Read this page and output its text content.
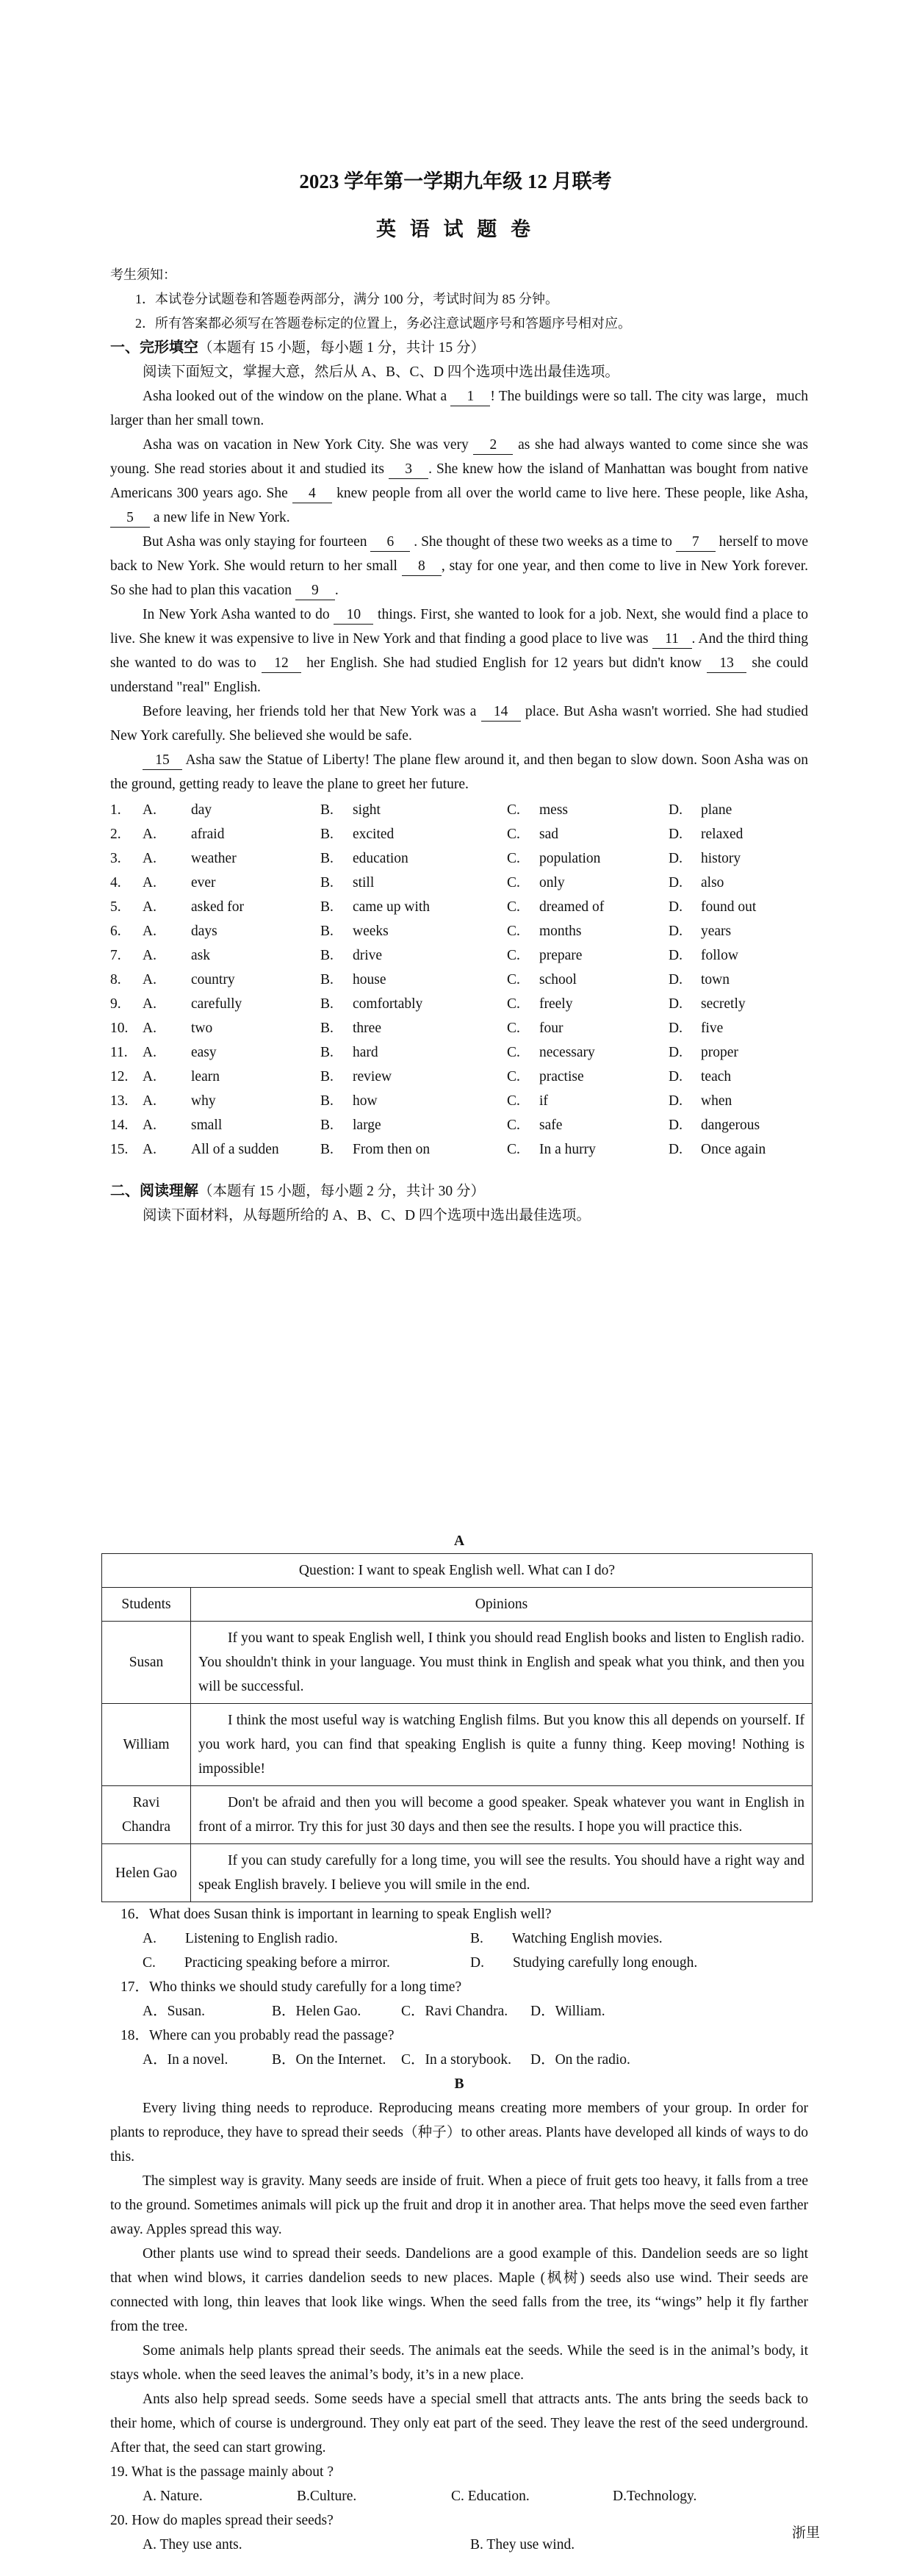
2023 学年第一学期九年级 12 月联考
英 语 试 题 卷
考生须知：
1．本试卷分试题卷和答题卷两部分，满分 100 分，考试时间为 85 分钟。
2．所有答案都必须写在答题卷标定的位置上，务必注意试题序号和答题序号相对应。
一、完形填空（本题有 15 小题，每小题 1 分，共计 15 分）

阅读下面短文，掌握大意，然后从 A、B、C、D 四个选项中选出最佳选项。

Asha looked out of the window on the plane. What a 1 ! The buildings were so tall. The city was large，much larger than her small town.

Asha was on vacation in New York City. She was very 2 as she had always wanted to come since she was young. She read stories about it and studied its 3 . She knew how the island of Manhattan was bought from native Americans 300 years ago. She 4 knew people from all over the world came to live here. These people, like Asha, 5 a new life in New York.

But Asha was only staying for fourteen 6 . She thought of these two weeks as a time to 7 herself to move back to New York. She would return to her small 8 , stay for one year, and then come to live in New York forever. So she had to plan this vacation 9 .

In New York Asha wanted to do 10 things. First, she wanted to look for a job. Next, she would find a place to live. She knew it was expensive to live in New York and that finding a good place to live was 11 . And the third thing she wanted to do was to 12 her English. She had studied English for 12 years but didn't know 13 she could understand "real" English.

Before leaving, her friends told her that New York was a 14 place. But Asha wasn't worried. She had studied New York carefully. She believed she would be safe.

15 Asha saw the Statue of Liberty! The plane flew around it, and then began to slow down. Soon Asha was on the ground, getting ready to leave the plane to greet her future.

1.	A.	day	B.	sight	C.	mess	D.	plane
2.	A.	afraid	B.	excited	C.	sad	D.	relaxed
3.	A.	weather	B.	education	C.	population	D.	history
4.	A.	ever	B.	still	C.	only	D.	also
5.	A.	asked for	B.	came up with	C.	dreamed of	D.	found out
6.	A.	days	B.	weeks	C.	months	D.	years
7.	A.	ask	B.	drive	C.	prepare	D.	follow
8.	A.	country	B.	house	C.	school	D.	town
9.	A.	carefully	B.	comfortably	C.	freely	D.	secretly
10.	A.	two	B.	three	C.	four	D.	five
11.	A.	easy	B.	hard	C.	necessary	D.	proper
12.	A.	learn	B.	review	C.	practise	D.	teach
13.	A.	why	B.	how	C.	if	D.	when
14.	A.	small	B.	large	C.	safe	D.	dangerous
15.	A.	All of a sudden	B.	From then on	C.	In a hurry	D.	Once again
二、阅读理解（本题有 15 小题，每小题 2 分，共计 30 分）

阅读下面材料，从每题所给的 A、B、C、D 四个选项中选出最佳选项。

A
Question: I want to speak English well. What can I do?	
Students	Opinions
Susan	If you want to speak English well, I think you should read English books and listen to English radio. You shouldn't think in your language. You must think in English and speak what you think, and then you will be successful.
William	I think the most useful way is watching English films. But you know this all depends on yourself. If you work hard, you can find that speaking English is quite a funny thing. Keep moving! Nothing is impossible!
Ravi Chandra	Don't be afraid and then you will become a good speaker. Speak whatever you want in English in front of a mirror. Try this for just 30 days and then see the results. I hope you will practice this.
Helen Gao	If you can study carefully for a long time, you will see the results. You should have a right way and speak English bravely. I believe you will smile in the end.
16．What does Susan think is important in learning to speak English well?
A.　　Listening to English radio.	B.　　Watching English movies.
C.　　Practicing speaking before a mirror.	D.　　Studying carefully long enough.
17．Who thinks we should study carefully for a long time?
A．Susan.	B．Helen Gao.	C．Ravi Chandra.	D．William.
18．Where can you probably read the passage?
A．In a novel.	B．On the Internet.	C．In a storybook.	D．On the radio.
B

Every living thing needs to reproduce. Reproducing means creating more members of your group. In order for plants to reproduce, they have to spread their seeds（种子）to other areas. Plants have developed all kinds of ways to do this.

The simplest way is gravity. Many seeds are inside of fruit. When a piece of fruit gets too heavy, it falls from a tree to the ground. Sometimes animals will pick up the fruit and drop it in another area. That helps move the seed even farther away. Apples spread this way.

Other plants use wind to spread their seeds. Dandelions are a good example of this. Dandelion seeds are so light that when wind blows, it carries dandelion seeds to new places. Maple (枫树) seeds also use wind. Their seeds are connected with long, thin leaves that look like wings. When the seed falls from the tree, its “wings” help it fly farther from the tree.

Some animals help plants spread their seeds. The animals eat the seeds. While the seed is in the animal’s body, it stays whole. when the seed leaves the animal’s body, it’s in a new place.

Ants also help spread seeds. Some seeds have a special smell that attracts ants. The ants bring the seeds back to their home, which of course is underground. They only eat part of the seed. They leave the rest of the seed underground. After that, the seed can start growing.

19. What is the passage mainly about ?
A. Nature.	B.Culture.	C. Education.	D.Technology.
20. How do maples spread their seeds?
A. They use ants.	B. They use wind.
浙里
